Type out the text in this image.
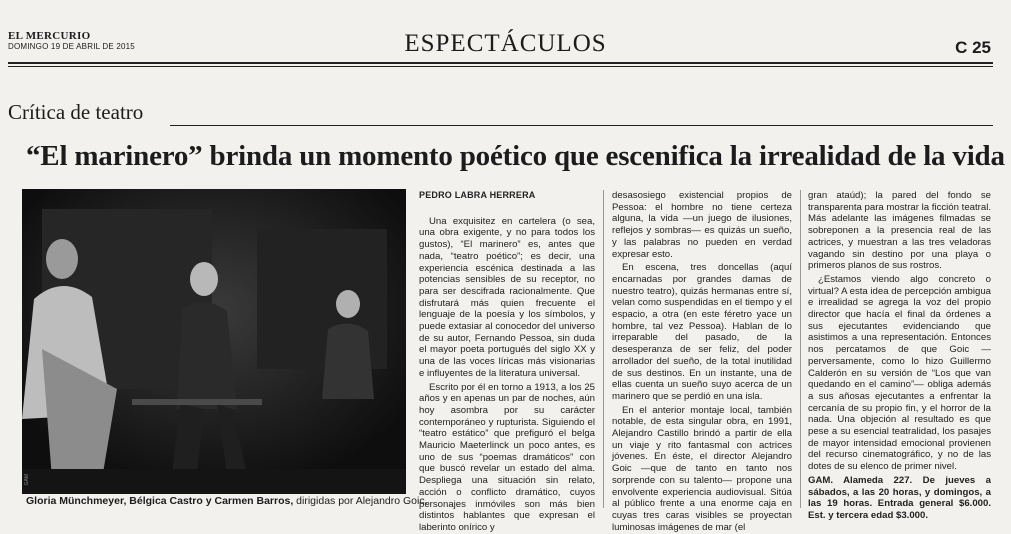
EL MERCURIO
DOMINGO 19 DE ABRIL DE 2015	ESPECTÁCULOS	C 25
Crítica de teatro
“El marinero” brinda un momento poético que escenifica la irrealidad de la vida
GAM
Gloria Münchmeyer, Bélgica Castro y Carmen Barros, dirigidas por Alejandro Goic.
PEDRO LABRA HERRERA

Una exquisitez en cartelera (o sea, una obra exigente, y no para todos los gustos), “El marinero” es, antes que nada, “teatro poético”; es decir, una experiencia escénica destinada a las potencias sensibles de su receptor, no para ser descifrada racionalmente. Que disfrutará más quien frecuente el lenguaje de la poesía y los símbolos, y puede extasiar al conocedor del universo de su autor, Fernando Pessoa, sin duda el mayor poeta portugués del siglo XX y una de las voces líricas más visionarias e influyentes de la literatura universal.

Escrito por él en torno a 1913, a los 25 años y en apenas un par de noches, aún hoy asombra por su carácter contemporáneo y rupturista. Siguiendo el “teatro estático” que prefiguró el belga Mauricio Maeterlinck un poco antes, es uno de sus “poemas dramáticos” con que buscó revelar un estado del alma. Despliega una situación sin relato, acción o conflicto dramático, cuyos personajes inmóviles son más bien distintos hablantes que expresan el laberinto onírico y

desasosiego existencial propios de Pessoa: el hombre no tiene certeza alguna, la vida —un juego de ilusiones, reflejos y sombras— es quizás un sueño, y las palabras no pueden en verdad expresar esto.

En escena, tres doncellas (aquí encarnadas por grandes damas de nuestro teatro), quizás hermanas entre sí, velan como suspendidas en el tiempo y el espacio, a otra (en este féretro yace un hombre, tal vez Pessoa). Hablan de lo irreparable del pasado, de la desesperanza de ser feliz, del poder arrollador del sueño, de la total inutilidad de sus destinos. En un instante, una de ellas cuenta un sueño suyo acerca de un marinero que se perdió en una isla.

En el anterior montaje local, también notable, de esta singular obra, en 1991, Alejandro Castillo brindó a partir de ella un viaje y rito fantasmal con actrices jóvenes. En éste, el director Alejandro Goic —que de tanto en tanto nos sorprende con su talento— propone una envolvente experiencia audiovisual. Sitúa al público frente a una enorme caja en cuyas tres caras visibles se proyectan luminosas imágenes de mar (el

gran ataúd); la pared del fondo se transparenta para mostrar la ficción teatral. Más adelante las imágenes filmadas se sobreponen a la presencia real de las actrices, y muestran a las tres veladoras vagando sin destino por una playa o primeros planos de sus rostros.

¿Estamos viendo algo concreto o virtual? A esta idea de percepción ambigua e irrealidad se agrega la voz del propio director que hacía el final da órdenes a sus ejecutantes evidenciando que asistimos a una representación. Entonces nos percatamos de que Goic —perversamente, como lo hizo Guillermo Calderón en su versión de “Los que van quedando en el camino”— obliga además a sus añosas ejecutantes a enfrentar la cercanía de su propio fin, y el horror de la nada. Una objeción al resultado es que pese a su esencial teatralidad, los pasajes de mayor intensidad emocional provienen del recurso cinematográfico, y no de las dotes de su elenco de primer nivel.

GAM. Alameda 227. De jueves a sábados, a las 20 horas, y domingos, a las 19 horas. Entrada general $6.000. Est. y tercera edad $3.000.
